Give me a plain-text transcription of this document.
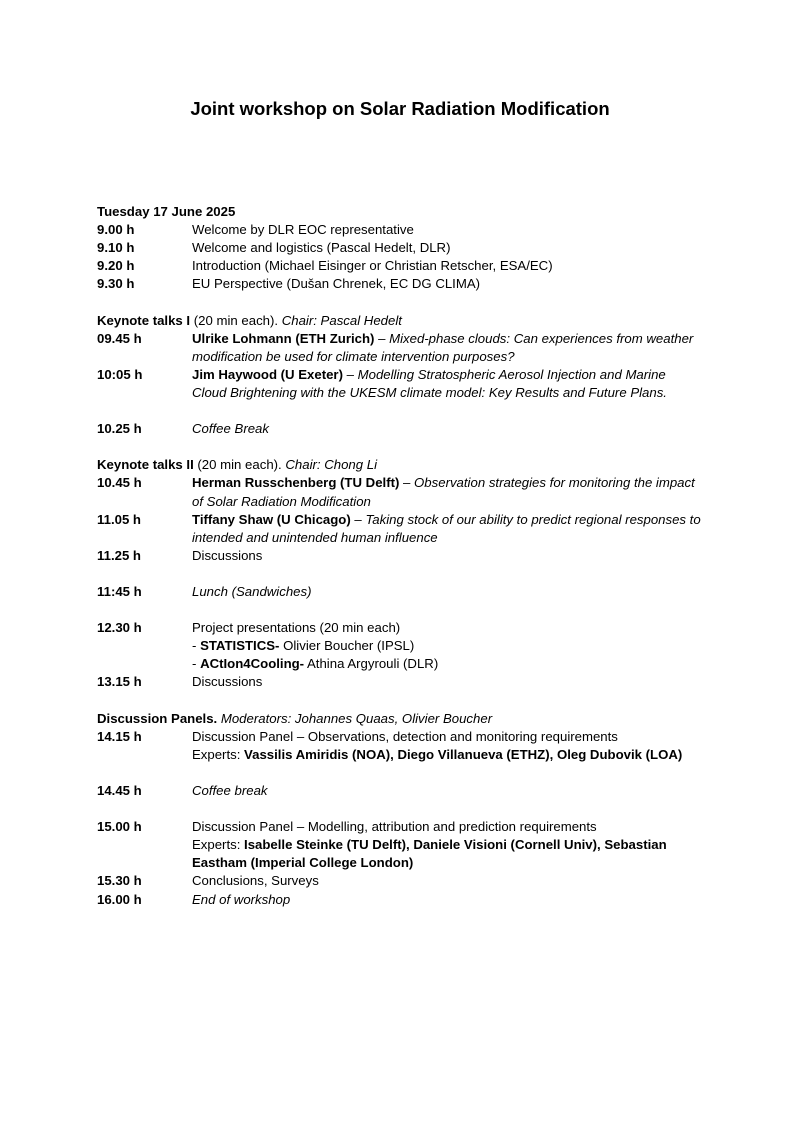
Joint workshop on Solar Radiation Modification
Tuesday 17 June 2025
9.00 h	Welcome by DLR EOC representative
9.10 h	Welcome and logistics (Pascal Hedelt, DLR)
9.20 h	Introduction (Michael Eisinger or Christian Retscher, ESA/EC)
9.30 h	EU Perspective (Dušan Chrenek, EC DG CLIMA)
Keynote talks I (20 min each). Chair: Pascal Hedelt
09.45 h	Ulrike Lohmann (ETH Zurich) – Mixed-phase clouds: Can experiences from weather
modification be used for climate intervention purposes?
10:05 h	Jim Haywood (U Exeter) – Modelling Stratospheric Aerosol Injection and Marine
Cloud Brightening with the UKESM climate model: Key Results and Future Plans.
10.25 h	Coffee Break
Keynote talks II (20 min each). Chair: Chong Li
10.45 h	Herman Russchenberg (TU Delft) – Observation strategies for monitoring the impact
of Solar Radiation Modification
11.05 h	Tiffany Shaw (U Chicago) – Taking stock of our ability to predict regional responses to
intended and unintended human influence
11.25 h	Discussions
11:45 h	Lunch (Sandwiches)
12.30 h	Project presentations (20 min each)
- STATISTICS- Olivier Boucher (IPSL)
- ACtIon4Cooling- Athina Argyrouli (DLR)
13.15 h	Discussions
Discussion Panels. Moderators: Johannes Quaas, Olivier Boucher
14.15 h	Discussion Panel – Observations, detection and monitoring requirements
Experts: Vassilis Amiridis (NOA), Diego Villanueva (ETHZ), Oleg Dubovik (LOA)
14.45 h	Coffee break
15.00 h	Discussion Panel – Modelling, attribution and prediction requirements
Experts: Isabelle Steinke (TU Delft), Daniele Visioni (Cornell Univ), Sebastian
Eastham (Imperial College London)
15.30 h	Conclusions, Surveys
16.00 h	End of workshop
